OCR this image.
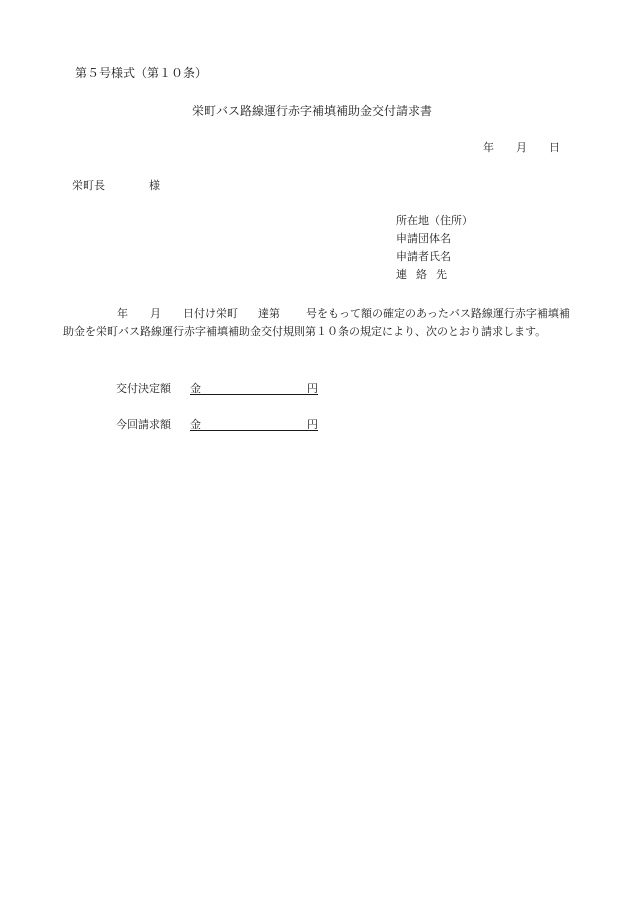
第５号様式（第１０条）
栄町バス路線運行赤字補填補助金交付請求書
年 月 日
栄町長	様
所在地（住所）
申請団体名
申請者氏名
連絡先
年 月 日付け栄町 達第 号をもって額の確定のあったバス路線運行赤字補填補
助金を栄町バス路線運行赤字補填補助金交付規則第１０条の規定により、次のとおり請求します。
交付決定額 金	円
今回請求額 金	円
